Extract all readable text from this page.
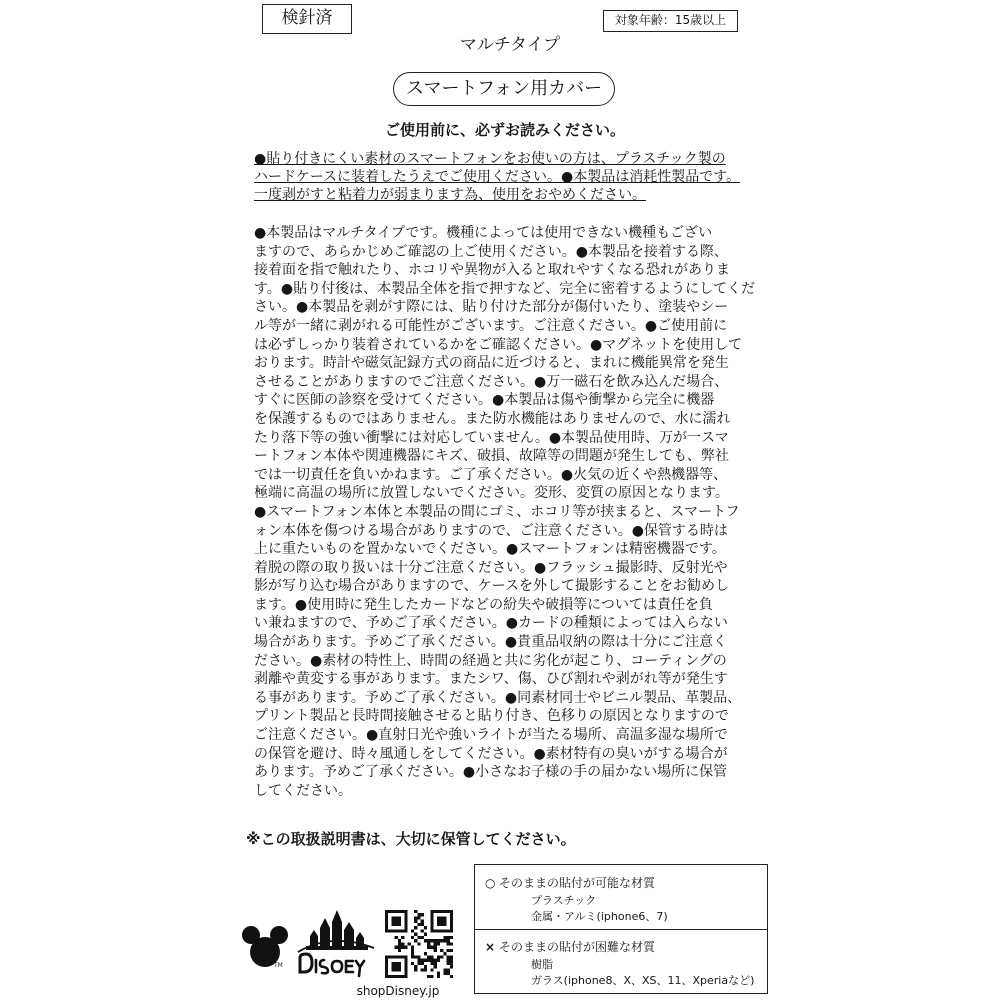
検針済
マルチタイプ
対象年齢：15歳以上
スマートフォン用カバー
ご使用前に、必ずお読みください。
●貼り付きにくい素材のスマートフォンをお使いの方は、プラスチック製の
ハードケースに装着したうえでご使用ください。●本製品は消耗性製品です。
一度剥がすと粘着力が弱まります為、使用をおやめください。
●本製品はマルチタイプです。機種によっては使用できない機種もござい
ますので、あらかじめご確認の上ご使用ください。●本製品を接着する際、
接着面を指で触れたり、ホコリや異物が入ると取れやすくなる恐れがありま
す。●貼り付後は、本製品全体を指で押すなど、完全に密着するようにしてくだ
さい。●本製品を剥がす際には、貼り付けた部分が傷付いたり、塗装やシー
ル等が一緒に剥がれる可能性がございます。ご注意ください。●ご使用前に
は必ずしっかり装着されているかをご確認ください。●マグネットを使用して
おります。時計や磁気記録方式の商品に近づけると、まれに機能異常を発生
させることがありますのでご注意ください。●万一磁石を飲み込んだ場合、
すぐに医師の診察を受けてください。●本製品は傷や衝撃から完全に機器
を保護するものではありません。また防水機能はありませんので、水に濡れ
たり落下等の強い衝撃には対応していません。●本製品使用時、万が一スマ
ートフォン本体や関連機器にキズ、破損、故障等の問題が発生しても、弊社
では一切責任を負いかねます。ご了承ください。●火気の近くや熱機器等、
極端に高温の場所に放置しないでください。変形、変質の原因となります。
●スマートフォン本体と本製品の間にゴミ、ホコリ等が挟まると、スマートフ
ォン本体を傷つける場合がありますので、ご注意ください。●保管する時は
上に重たいものを置かないでください。●スマートフォンは精密機器です。
着脱の際の取り扱いは十分ご注意ください。●フラッシュ撮影時、反射光や
影が写り込む場合がありますので、ケースを外して撮影することをお勧めし
ます。●使用時に発生したカードなどの紛失や破損等については責任を負
い兼ねますので、予めご了承ください。●カードの種類によっては入らない
場合があります。予めご了承ください。●貴重品収納の際は十分にご注意く
ださい。●素材の特性上、時間の経過と共に劣化が起こり、コーティングの
剥離や黄変する事があります。またシワ、傷、ひび割れや剥がれ等が発生す
る事があります。予めご了承ください。●同素材同士やビニル製品、革製品、
プリント製品と長時間接触させると貼り付き、色移りの原因となりますので
ご注意ください。●直射日光や強いライトが当たる場所、高温多湿な場所で
の保管を避け、時々風通しをしてください。●素材特有の臭いがする場合が
あります。予めご了承ください。●小さなお子様の手の届かない場所に保管
してください。
※この取扱説明書は、大切に保管してください。
○ そのままの貼付が可能な材質
プラスチック
金属・アルミ(iphone6、7)
× そのままの貼付が困難な材質
樹脂
ガラス(iphone8、X、XS、11、Xperiaなど)
TM
shopDisney.jp
